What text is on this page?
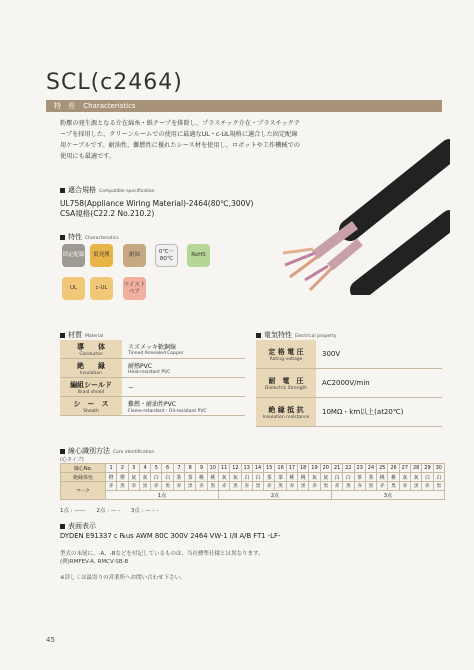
SCL(c2464)
特　長 Characteristics
粉塵の発生源となる介在綿糸・紙テープを排除し、プラスチック介在・プラスチックテープを採用した、クリーンルームでの使用に最適なUL・c-UL規格に適合した固定配線用ケーブルです。耐油性、難燃性に優れたシース材を使用し、ロボットや工作機械での使用にも最適です。
適合規格 Compatible specification
UL758(Appliance Wiring Material)-2464(80℃,300V)
CSA規格(C22.2 No.210.2)
特性 Characteristics
固定配線	低発塵	耐油
0℃～80℃
RoHS
UL	c-UL
ツイストペア
材質 Material
導　　体
Conductor	スズメッキ軟銅線
Tinned Annealed Copper

絶　　縁
Insulation	耐熱PVC
Heat-resistant PVC

編組シールド
Braid shield	ー

シ　ー　ス
Sheath	難燃・耐油性PVC
Flame-retardant・Oil-resistant PVC
電気特性 Electrical property
定 格 電 圧
Rating voltage	300V
耐　電　圧
Dielectric Strength	AC2000V/min
絶 縁 抵 抗
Insulation resistance	10MΩ・km以上(at20℃)
線心識別方法 Core identification
(心タイプ)
線心No.	1	2	3	4	5	6	7	8	9	10	11	12	13	14	15	16	17	18	19	20	21	22	23	24	25	26	27	28	29	30
絶縁体色	橙	橙	灰	灰	白	白	茶	茶	桃	桃	灰	灰	白	白	茶	茶	桃	桃	灰	灰	白	白	茶	茶	桃	桃	灰	灰	白	白
マーク	赤	黒	赤	黒	赤	黒	赤	黒	赤	黒	赤	黒	赤	黒	赤	黒	赤	黒	赤	黒	赤	黒	赤	黒	赤	黒	赤	黒	赤	黒
	1点										2点										3点									
1点 : ——　　2点 : — -　　3点 : — - -
表面表示
DYDEN E91337 c ℞us AWM 80C 300V 2464 VW-1 Ⅰ/Ⅱ A/B FT1 -LF-
型式の末尾に、-A、-Bなどを付記しているものは、当社標準仕様とは異なります。
(例)RMFEV-A, RMCV-SB-B
※詳しくは最寄りの営業所へお問い合わせ下さい。
45
